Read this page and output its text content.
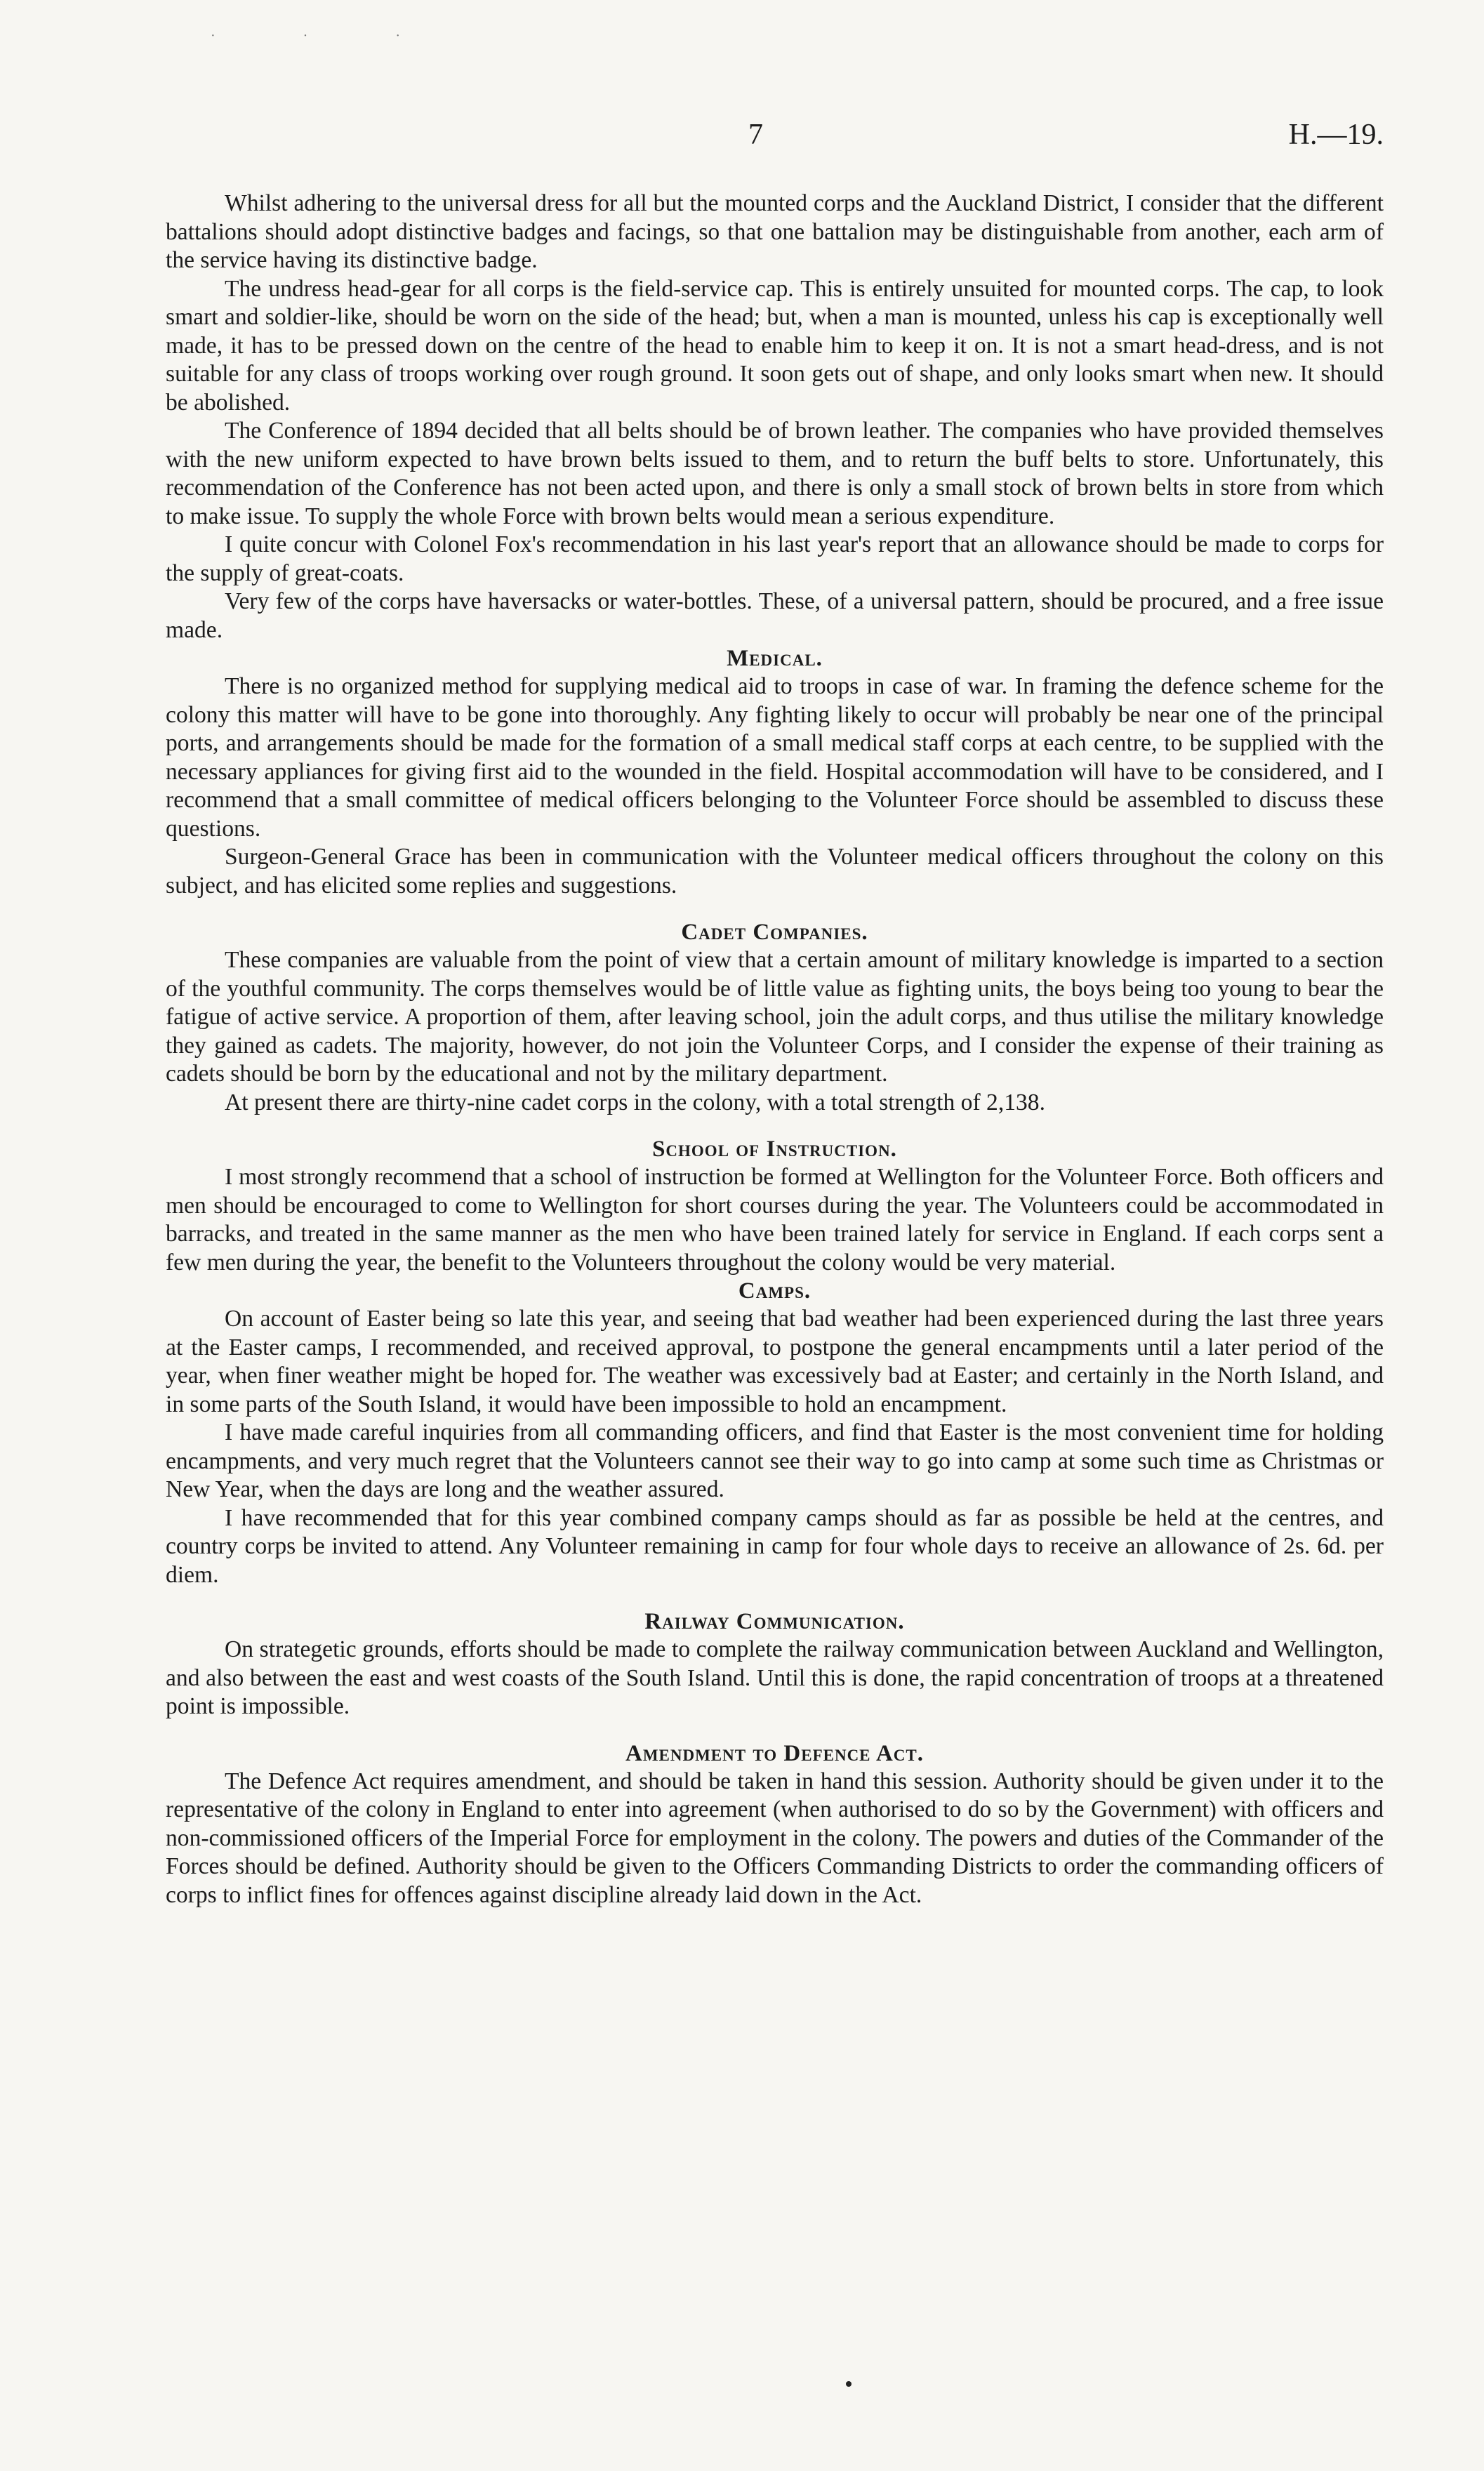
· · ·
7	H.—19.

Whilst adhering to the universal dress for all but the mounted corps and the Auckland District, I consider that the different battalions should adopt distinctive badges and facings, so that one battalion may be distinguishable from another, each arm of the service having its distinctive badge.

The undress head-gear for all corps is the field-service cap. This is entirely unsuited for mounted corps. The cap, to look smart and soldier-like, should be worn on the side of the head; but, when a man is mounted, unless his cap is exceptionally well made, it has to be pressed down on the centre of the head to enable him to keep it on. It is not a smart head-dress, and is not suitable for any class of troops working over rough ground. It soon gets out of shape, and only looks smart when new. It should be abolished.

The Conference of 1894 decided that all belts should be of brown leather. The companies who have provided themselves with the new uniform expected to have brown belts issued to them, and to return the buff belts to store. Unfortunately, this recommendation of the Conference has not been acted upon, and there is only a small stock of brown belts in store from which to make issue. To supply the whole Force with brown belts would mean a serious expenditure.

I quite concur with Colonel Fox's recommendation in his last year's report that an allowance should be made to corps for the supply of great-coats.

Very few of the corps have haversacks or water-bottles. These, of a universal pattern, should be procured, and a free issue made.

Medical.

There is no organized method for supplying medical aid to troops in case of war. In framing the defence scheme for the colony this matter will have to be gone into thoroughly. Any fighting likely to occur will probably be near one of the principal ports, and arrangements should be made for the formation of a small medical staff corps at each centre, to be supplied with the necessary appliances for giving first aid to the wounded in the field. Hospital accommodation will have to be considered, and I recommend that a small committee of medical officers belonging to the Volunteer Force should be assembled to discuss these questions.

Surgeon-General Grace has been in communication with the Volunteer medical officers throughout the colony on this subject, and has elicited some replies and suggestions.

Cadet Companies.

These companies are valuable from the point of view that a certain amount of military knowledge is imparted to a section of the youthful community. The corps themselves would be of little value as fighting units, the boys being too young to bear the fatigue of active service. A proportion of them, after leaving school, join the adult corps, and thus utilise the military knowledge they gained as cadets. The majority, however, do not join the Volunteer Corps, and I consider the expense of their training as cadets should be born by the educational and not by the military department.

At present there are thirty-nine cadet corps in the colony, with a total strength of 2,138.

School of Instruction.

I most strongly recommend that a school of instruction be formed at Wellington for the Volunteer Force. Both officers and men should be encouraged to come to Wellington for short courses during the year. The Volunteers could be accommodated in barracks, and treated in the same manner as the men who have been trained lately for service in England. If each corps sent a few men during the year, the benefit to the Volunteers throughout the colony would be very material.

Camps.

On account of Easter being so late this year, and seeing that bad weather had been experienced during the last three years at the Easter camps, I recommended, and received approval, to postpone the general encampments until a later period of the year, when finer weather might be hoped for. The weather was excessively bad at Easter; and certainly in the North Island, and in some parts of the South Island, it would have been impossible to hold an encampment.

I have made careful inquiries from all commanding officers, and find that Easter is the most convenient time for holding encampments, and very much regret that the Volunteers cannot see their way to go into camp at some such time as Christmas or New Year, when the days are long and the weather assured.

I have recommended that for this year combined company camps should as far as possible be held at the centres, and country corps be invited to attend. Any Volunteer remaining in camp for four whole days to receive an allowance of 2s. 6d. per diem.

Railway Communication.

On strategetic grounds, efforts should be made to complete the railway communication between Auckland and Wellington, and also between the east and west coasts of the South Island. Until this is done, the rapid concentration of troops at a threatened point is impossible.

Amendment to Defence Act.

The Defence Act requires amendment, and should be taken in hand this session. Authority should be given under it to the representative of the colony in England to enter into agreement (when authorised to do so by the Government) with officers and non-commissioned officers of the Imperial Force for employment in the colony. The powers and duties of the Commander of the Forces should be defined. Authority should be given to the Officers Commanding Districts to order the commanding officers of corps to inflict fines for offences against discipline already laid down in the Act.
